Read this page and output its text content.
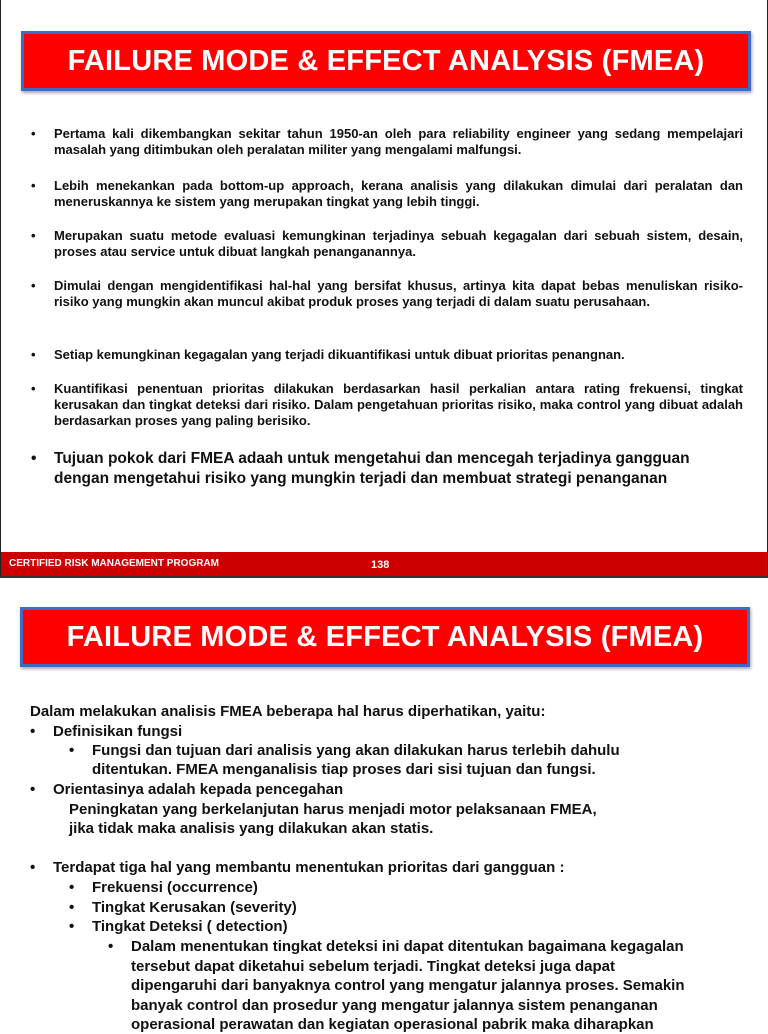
FAILURE MODE & EFFECT ANALYSIS (FMEA)
• Pertama kali dikembangkan sekitar tahun 1950-an oleh para reliability engineer yang sedang mempelajari masalah yang ditimbukan oleh peralatan militer yang mengalami malfungsi.
• Lebih menekankan pada bottom-up approach, kerana analisis yang dilakukan dimulai dari peralatan dan meneruskannya ke sistem yang merupakan tingkat yang lebih tinggi.
• Merupakan suatu metode evaluasi kemungkinan terjadinya sebuah kegagalan dari sebuah sistem, desain, proses atau service untuk dibuat langkah penanganannya.
• Dimulai dengan mengidentifikasi hal-hal yang bersifat khusus, artinya kita dapat bebas menuliskan risiko-risiko yang mungkin akan muncul akibat produk proses yang terjadi di dalam suatu perusahaan.
• Setiap kemungkinan kegagalan yang terjadi dikuantifikasi untuk dibuat prioritas penangnan.
• Kuantifikasi penentuan prioritas dilakukan berdasarkan hasil perkalian antara rating frekuensi, tingkat kerusakan dan tingkat deteksi dari risiko. Dalam pengetahuan prioritas risiko, maka control yang dibuat adalah berdasarkan proses yang paling berisiko.
• Tujuan pokok dari FMEA adaah untuk mengetahui dan mencegah terjadinya gangguan dengan mengetahui risiko yang mungkin terjadi dan membuat strategi penanganan
CERTIFIED RISK MANAGEMENT PROGRAM	138
FAILURE MODE & EFFECT ANALYSIS (FMEA)
Dalam melakukan analisis FMEA beberapa hal harus diperhatikan, yaitu:
• Definisikan fungsi
• Fungsi dan tujuan dari analisis yang akan dilakukan harus terlebih dahulu
ditentukan. FMEA menganalisis tiap proses dari sisi tujuan dan fungsi.
• Orientasinya adalah kepada pencegahan
Peningkatan yang berkelanjutan harus menjadi motor pelaksanaan FMEA,
jika tidak maka analisis yang dilakukan akan statis.
• Terdapat tiga hal yang membantu menentukan prioritas dari gangguan :
• Frekuensi (occurrence)
• Tingkat Kerusakan (severity)
• Tingkat Deteksi ( detection)
• Dalam menentukan tingkat deteksi ini dapat ditentukan bagaimana kegagalan
tersebut dapat diketahui sebelum terjadi. Tingkat deteksi juga dapat
dipengaruhi dari banyaknya control yang mengatur jalannya proses. Semakin
banyak control dan prosedur yang mengatur jalannya sistem penanganan
operasional perawatan dan kegiatan operasional pabrik maka diharapkan
